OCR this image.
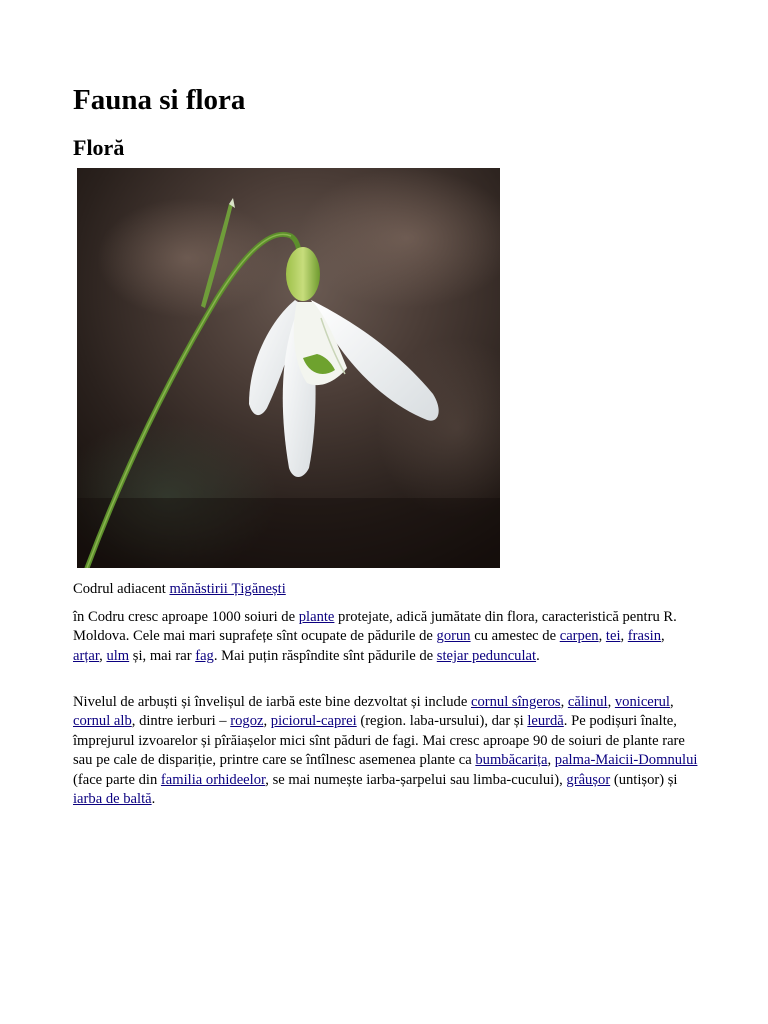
Fauna si flora
Floră

Codrul adiacent mănăstirii Țigănești

în Codru cresc aproape 1000 soiuri de plante protejate, adică jumătate din flora, caracteristică pentru R. Moldova. Cele mai mari suprafețe sînt ocupate de pădurile de gorun cu amestec de carpen, tei, frasin, arțar, ulm și, mai rar fag. Mai puțin răspîndite sînt pădurile de stejar pedunculat.

Nivelul de arbuști și învelișul de iarbă este bine dezvoltat și include cornul sîngeros, călinul, vonicerul, cornul alb, dintre ierburi – rogoz, piciorul-caprei (region. laba-ursului), dar și leurdă. Pe podișuri înalte, împrejurul izvoarelor și pîrăiașelor mici sînt păduri de fagi. Mai cresc aproape 90 de soiuri de plante rare sau pe cale de dispariție, printre care se întîlnesc asemenea plante ca bumbăcarița, palma-Maicii-Domnului (face parte din familia orhideelor, se mai numește iarba-șarpelui sau limba-cucului), grâușor (untișor) și iarba de baltă.
